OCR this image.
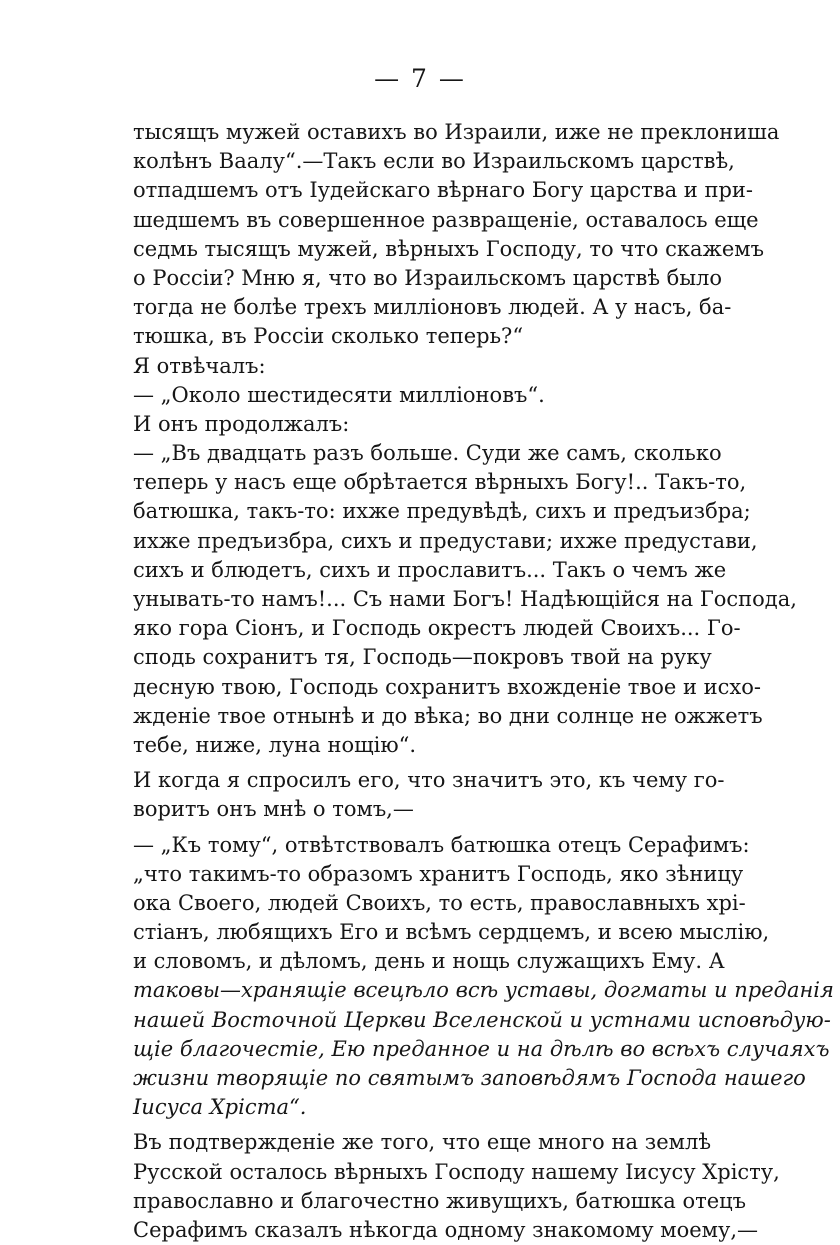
— 7 —
тысящъ мужей оставихъ во Израили, иже не преклониша
колѣнъ Ваалу“.—Такъ если во Израильскомъ царствѣ,
отпадшемъ отъ Іудейскаго вѣрнаго Богу царства и при-
шедшемъ въ совершенное развращеніе, оставалось еще
седмь тысящъ мужей, вѣрныхъ Господу, то что скажемъ
о Россіи? Мню я, что во Израильскомъ царствѣ было
тогда не болѣе трехъ милліоновъ людей. А у насъ, ба-
тюшка, въ Россіи сколько теперь?“
Я отвѣчалъ:
— „Около шестидесяти милліоновъ“.
И онъ продолжалъ:
— „Въ двадцать разъ больше. Суди же самъ, сколько
теперь у насъ еще обрѣтается вѣрныхъ Богу!.. Такъ-то,
батюшка, такъ-то: ихже предувѣдѣ, сихъ и предъизбра;
ихже предъизбра, сихъ и предустави; ихже предустави,
сихъ и блюдетъ, сихъ и прославитъ... Такъ о чемъ же
унывать-то намъ!... Съ нами Богъ! Надѣющійся на Господа,
яко гора Сіонъ, и Господь окрестъ людей Своихъ... Го-
сподь сохранитъ тя, Господь—покровъ твой на руку
десную твою, Господь сохранитъ вхожденіе твое и исхо-
жденіе твое отнынѣ и до вѣка; во дни солнце не ожжетъ
тебе, ниже, луна нощію“.
И когда я спросилъ его, что значитъ это, къ чему го-
воритъ онъ мнѣ о томъ,—
— „Къ тому“, отвѣтствовалъ батюшка отецъ Серафимъ:
„что такимъ-то образомъ хранитъ Господь, яко зѣницу
ока Своего, людей Своихъ, то есть, православныхъ хрі-
стіанъ, любящихъ Его и всѣмъ сердцемъ, и всею мыслію,
и словомъ, и дѣломъ, день и нощь служащихъ Ему. А
таковы—хранящіе всецѣло всѣ уставы, догматы и преданія
нашей Восточной Церкви Вселенской и устнами исповѣдую-
щіе благочестіе, Ею преданное и на дѣлѣ во всѣхъ случаяхъ
жизни творящіе по святымъ заповѣдямъ Господа нашего
Іисуса Хріста“.
Въ подтвержденіе же того, что еще много на землѣ
Русской осталось вѣрныхъ Господу нашему Іисусу Хрісту,
православно и благочестно живущихъ, батюшка отецъ
Серафимъ сказалъ нѣкогда одному знакомому моему,—
